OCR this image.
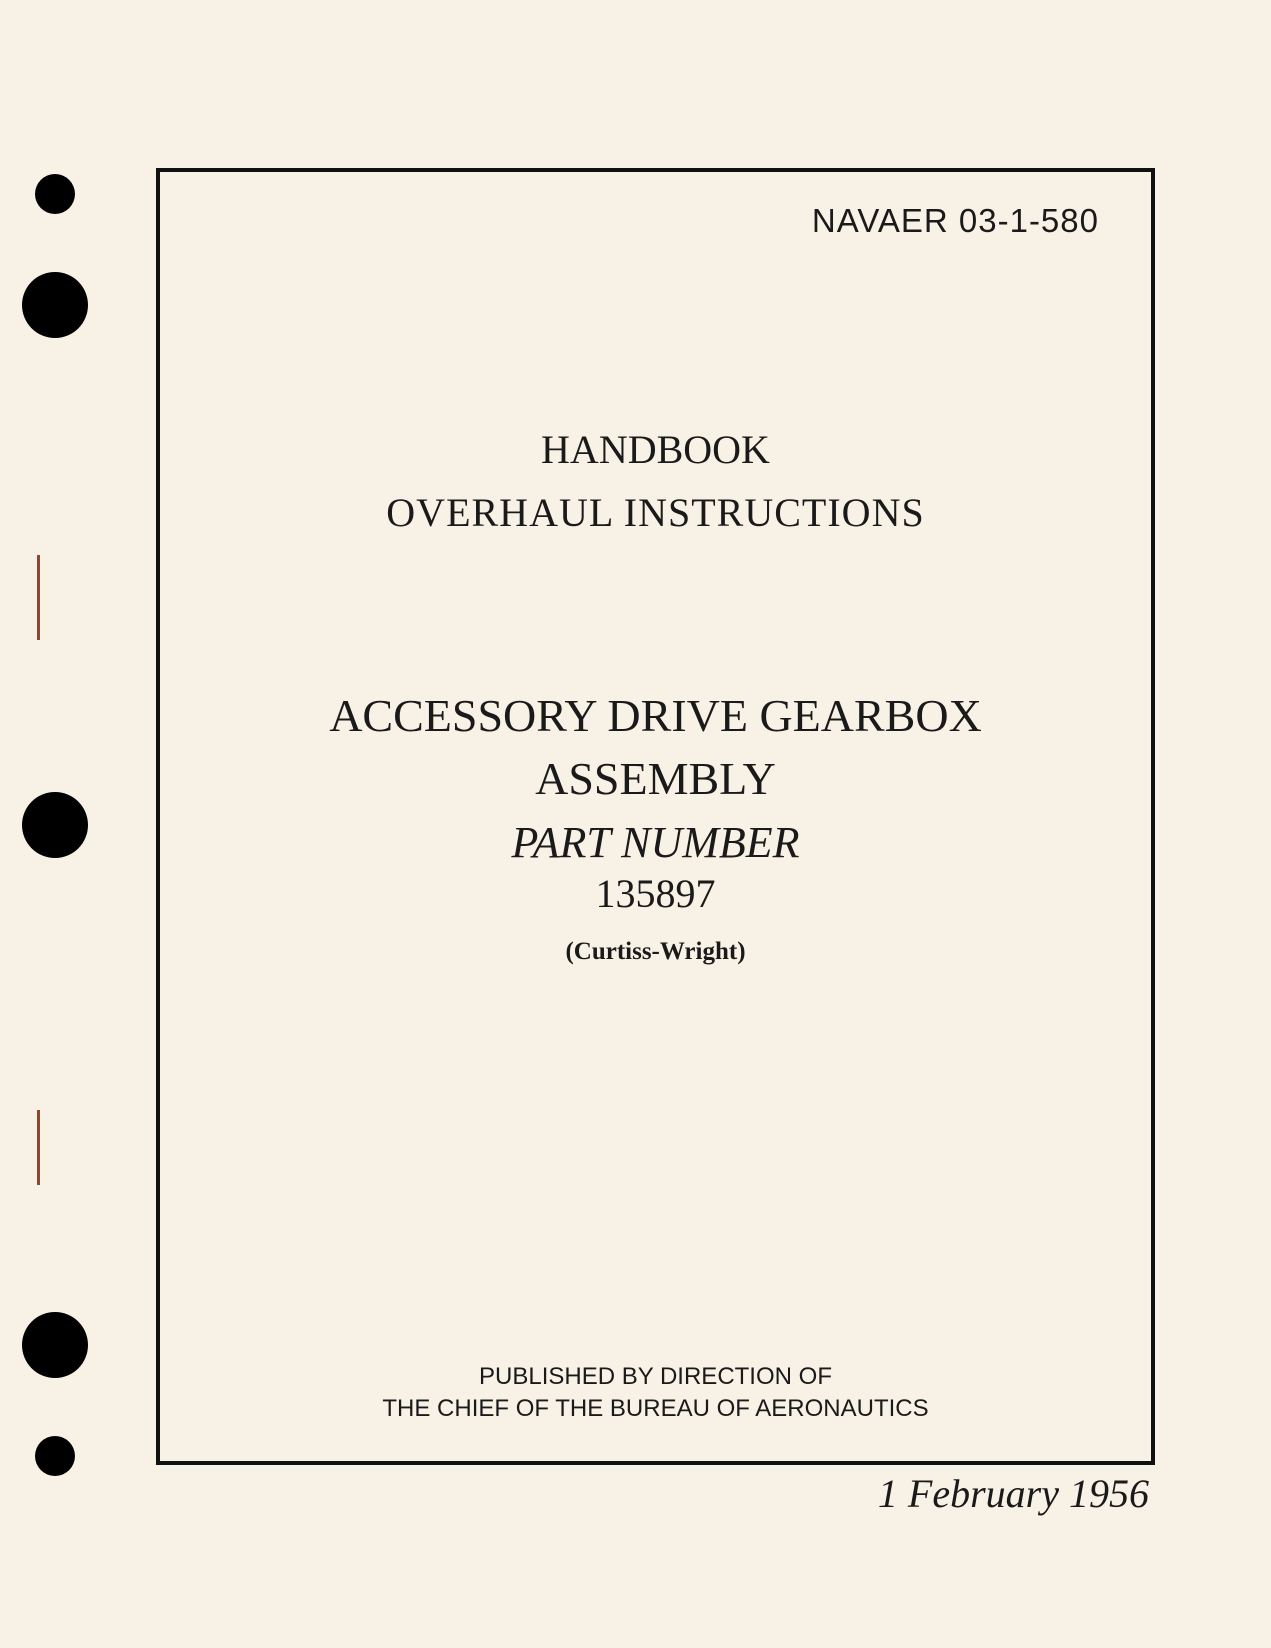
NAVAER 03-1-580
HANDBOOK
OVERHAUL INSTRUCTIONS
ACCESSORY DRIVE GEARBOX
ASSEMBLY
PART NUMBER
135897
(Curtiss-Wright)
PUBLISHED BY DIRECTION OF
THE CHIEF OF THE BUREAU OF AERONAUTICS
1 February 1956
